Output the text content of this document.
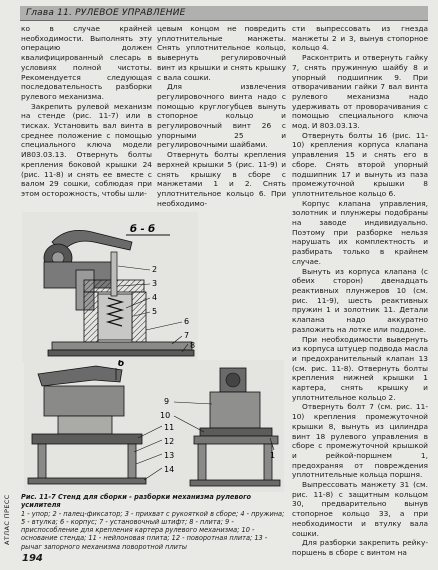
Глава 11. РУЛЕВОЕ УПРАВЛЕНИЕ

ко в случае крайней необходимости. Выполнять эту операцию должен квалифицированный слесарь в условиях полной чистоты. Рекомендуется следующая последовательность разборки рулевого механизма.

Закрепить рулевой механизм на стенде (рис. 11-7) или в тисках. Установить вал винта в среднее положение с помощью специального ключа модели И803.03.13. Отвернуть болты крепления боковой крышки 24 (рис. 11-8) и снять ее вместе с валом 29 сошки, соблюдая при этом осторожность, чтобы шли-

цевым концом не повредить уплотнительные манжеты. Снять уплотнительное кольцо, вывернуть регулировочный винт из крышки и снять крышку с вала сошки.

Для извлечения регулировочного винта надо с помощью круглогубцев вынуть стопорное кольцо и регулировочный винт 26 с упорными 25 и регулировочными шайбами.

Отвернуть болты крепления верхней крышки 5 (рис. 11-9) и снять крышку в сборе с манжетами 1 и 2. Снять уплотнительное кольцо 6. При необходимо-

сти выпрессовать из гнезда манжеты 2 и 3, вынув стопорное кольцо 4.

Расконтрить и отвернуть гайку 7, снять пружинную шайбу 8 и упорный подшипник 9. При отворачивании гайки 7 вал винта рулевого механизма надо удерживать от проворачивания с помощью специального ключа мод. И 803.03.13.

Отвернуть болты 16 (рис. 11-10) крепления корпуса клапана управления 15 и снять его в сборе. Снять второй упорный подшипник 17 и вынуть из паза промежуточной крышки 8 уплотнительное кольцо 6.

Корпус клапана управления, золотник и плунжеры подобраны на заводе индивидуально. Поэтому при разборке нельзя нарушать их комплектность и разбирать только в крайнем случае.

Вынуть из корпуса клапана (с обеих сторон) двенадцать реактивных плунжеров 10 (см. рис. 11-9), шесть реактивных пружин 1 и золотник 11. Детали клапана надо аккуратно разложить на лотке или поддоне.

При необходимости вывернуть из корпуса штуцер подвода масла и предохранительный клапан 13 (см. рис. 11-8). Отвернуть болты крепления нижней крышки 1 картера, снять крышку и уплотнительное кольцо 2.

Отвернуть болт 7 (см. рис. 11-10) крепления промежуточной крышки 8, вынуть из цилиндра винт 18 рулевого управления в сборе с промежуточной крышкой и рейкой-поршнем 1, предохраняя от повреждения уплотнительные кольца поршня.

Выпрессовать манжету 31 (см. рис. 11-8) с защитным кольцом 30, предварительно вынув стопорное кольцо 33, а при необходимости и втулку вала сошки.

Для разборки закрепить рейку-поршень в сборе с винтом на

б - б
2
3
4
5
6
7
8
б
9
10
11
12
13
14
1
Рис. 11-7 Стенд для сборки - разборки механизма рулевого усилителя
1 - упор; 2 - палец-фиксатор; 3 - прихват с рукояткой в сборе; 4 - пружина; 5 - втулка; 6 - корпус; 7 - установочный штифт; 8 - плита; 9 - приспособление для крепления картера рулевого механизма; 10 - основание стенда; 11 - нейлоновая плита; 12 - поворотная плита; 13 - рычаг запорного механизма поворотной плиты
АТЛАС ПРЕСС
194
